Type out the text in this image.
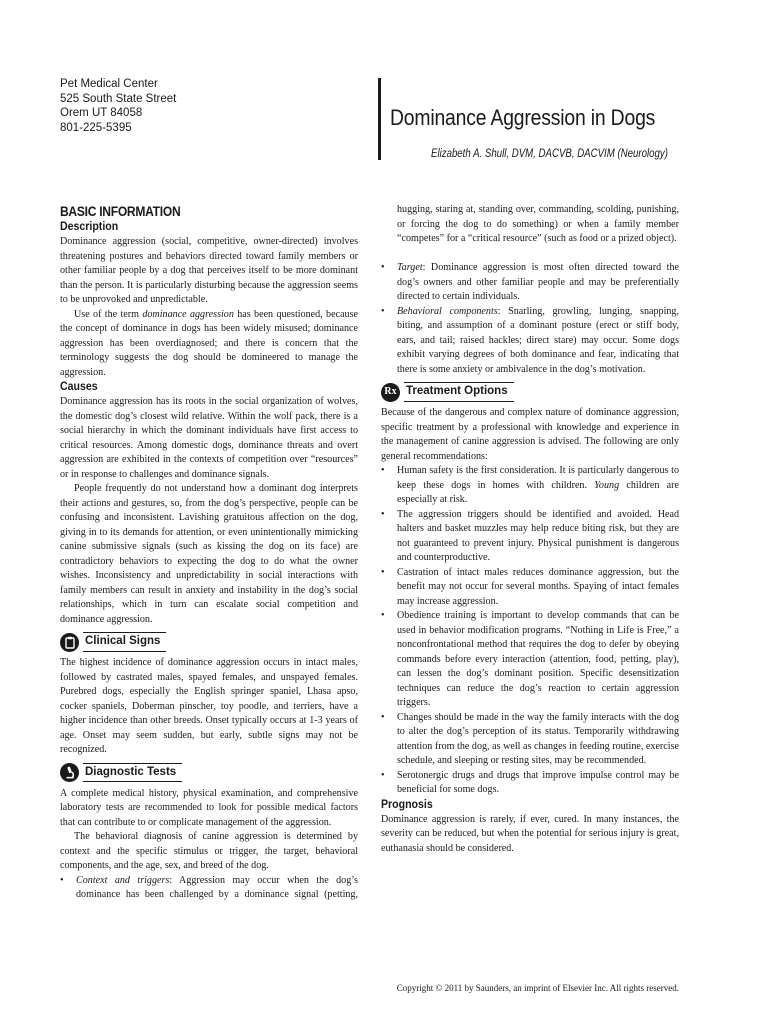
Pet Medical Center
525 South State Street
Orem UT 84058
801-225-5395	Dominance Aggression in Dogs
Elizabeth A. Shull, DVM, DACVB, DACVIM (Neurology)
BASIC INFORMATION
Description

Dominance aggression (social, competitive, owner-directed) involves threatening postures and behaviors directed toward family members or other familiar people by a dog that perceives itself to be more dominant than the person. It is particularly disturbing because the aggression seems to be unprovoked and unpredictable.

Use of the term dominance aggression has been questioned, because the concept of dominance in dogs has been widely misused; dominance aggression has been overdiagnosed; and there is concern that the terminology suggests the dog should be domineered to manage the aggression.

Causes

Dominance aggression has its roots in the social organization of wolves, the domestic dog’s closest wild relative. Within the wolf pack, there is a social hierarchy in which the dominant individuals have first access to critical resources. Among domestic dogs, dominance threats and overt aggression are exhibited in the contexts of competition over “resources” or in response to challenges and dominance signals.

People frequently do not understand how a dominant dog interprets their actions and gestures, so, from the dog’s perspective, people can be confusing and inconsistent. Lavishing gratuitous affection on the dog, giving in to its demands for attention, or even unintentionally mimicking canine submissive signals (such as kissing the dog on its face) are contradictory behaviors to expecting the dog to do what the owner wishes. Inconsistency and unpredictability in social interactions with family members can result in anxiety and instability in the dog’s social relationships, which in turn can escalate social competition and dominance aggression.

Clinical Signs

The highest incidence of dominance aggression occurs in intact males, followed by castrated males, spayed females, and unspayed females. Purebred dogs, especially the English springer spaniel, Lhasa apso, cocker spaniels, Doberman pinscher, toy poodle, and terriers, have a higher incidence than other breeds. Onset typically occurs at 1-3 years of age. Onset may seem sudden, but early, subtle signs may not be recognized.

Diagnostic Tests

A complete medical history, physical examination, and comprehensive laboratory tests are recommended to look for possible medical factors that can contribute to or complicate management of the aggression.

The behavioral diagnosis of canine aggression is determined by context and the specific stimulus or trigger, the target, behavioral components, and the age, sex, and breed of the dog.

• Context and triggers: Aggression may occur when the dog’s dominance has been challenged by a dominance signal (petting,
• hugging, staring at, standing over, commanding, scolding, punishing, or forcing the dog to do something) or when a family member “competes” for a “critical resource” (such as food or a prized object).
• Target: Dominance aggression is most often directed toward the dog’s owners and other familiar people and may be preferentially directed to certain individuals.
• Behavioral components: Snarling, growling, lunging, snapping, biting, and assumption of a dominant posture (erect or stiff body, ears, and tail; raised hackles; direct stare) may occur. Some dogs exhibit varying degrees of both dominance and fear, indicating that there is some anxiety or ambivalence in the dog’s motivation.
Rx Treatment Options

Because of the dangerous and complex nature of dominance aggression, specific treatment by a professional with knowledge and experience in the management of canine aggression is advised. The following are only general recommendations:

• Human safety is the first consideration. It is particularly dangerous to keep these dogs in homes with children. Young children are especially at risk.
• The aggression triggers should be identified and avoided. Head halters and basket muzzles may help reduce biting risk, but they are not guaranteed to prevent injury. Physical punishment is dangerous and counterproductive.
• Castration of intact males reduces dominance aggression, but the benefit may not occur for several months. Spaying of intact females may increase aggression.
• Obedience training is important to develop commands that can be used in behavior modification programs. “Nothing in Life is Free,” a nonconfrontational method that requires the dog to defer by obeying commands before every interaction (attention, food, petting, play), can lessen the dog’s dominant position. Specific desensitization techniques can reduce the dog’s reaction to certain aggression triggers.
• Changes should be made in the way the family interacts with the dog to alter the dog’s perception of its status. Temporarily withdrawing attention from the dog, as well as changes in feeding routine, exercise schedule, and sleeping or resting sites, may be recommended.
• Serotonergic drugs and drugs that improve impulse control may be beneficial for some dogs.
Prognosis

Dominance aggression is rarely, if ever, cured. In many instances, the severity can be reduced, but when the potential for serious injury is great, euthanasia should be considered.

Copyright © 2011 by Saunders, an imprint of Elsevier Inc. All rights reserved.
